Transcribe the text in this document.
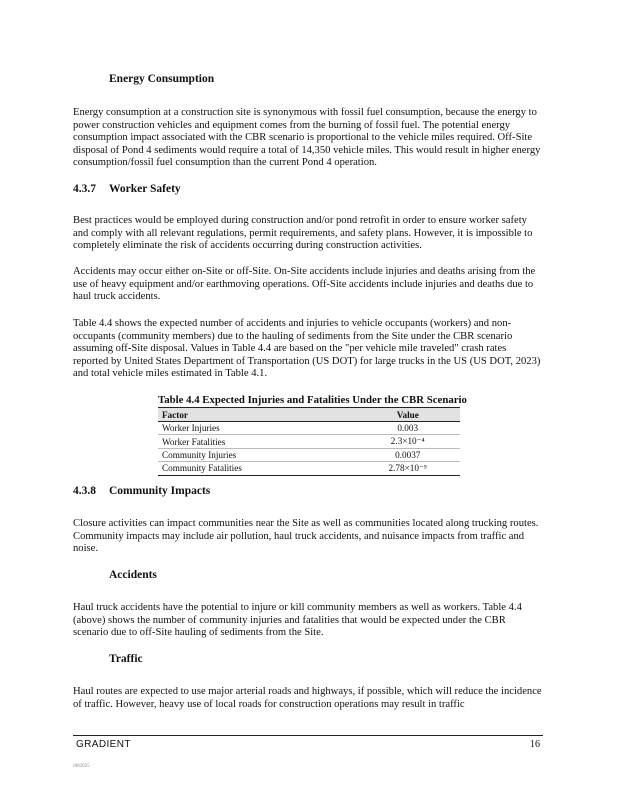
Energy Consumption

Energy consumption at a construction site is synonymous with fossil fuel consumption, because the energy to power construction vehicles and equipment comes from the burning of fossil fuel. The potential energy consumption impact associated with the CBR scenario is proportional to the vehicle miles required. Off-Site disposal of Pond 4 sediments would require a total of 14,350 vehicle miles. This would result in higher energy consumption/fossil fuel consumption than the current Pond 4 operation.

4.3.7 Worker Safety

Best practices would be employed during construction and/or pond retrofit in order to ensure worker safety and comply with all relevant regulations, permit requirements, and safety plans. However, it is impossible to completely eliminate the risk of accidents occurring during construction activities.

Accidents may occur either on-Site or off-Site. On-Site accidents include injuries and deaths arising from the use of heavy equipment and/or earthmoving operations. Off-Site accidents include injuries and deaths due to haul truck accidents.

Table 4.4 shows the expected number of accidents and injuries to vehicle occupants (workers) and non-occupants (community members) due to the hauling of sediments from the Site under the CBR scenario assuming off-Site disposal. Values in Table 4.4 are based on the "per vehicle mile traveled" crash rates reported by United States Department of Transportation (US DOT) for large trucks in the US (US DOT, 2023) and total vehicle miles estimated in Table 4.1.

Table 4.4 Expected Injuries and Fatalities Under the CBR Scenario
Factor	Value
Worker Injuries	0.003
Worker Fatalities	2.3×10⁻⁴
Community Injuries	0.0037
Community Fatalities	2.78×10⁻⁵
4.3.8 Community Impacts

Closure activities can impact communities near the Site as well as communities located along trucking routes. Community impacts may include air pollution, haul truck accidents, and nuisance impacts from traffic and noise.

Accidents

Haul truck accidents have the potential to injure or kill community members as well as workers. Table 4.4 (above) shows the number of community injuries and fatalities that would be expected under the CBR scenario due to off-Site hauling of sediments from the Site.

Traffic

Haul routes are expected to use major arterial roads and highways, if possible, which will reduce the incidence of traffic. However, heavy use of local roads for construction operations may result in traffic

GRADIENT	16
r082025
